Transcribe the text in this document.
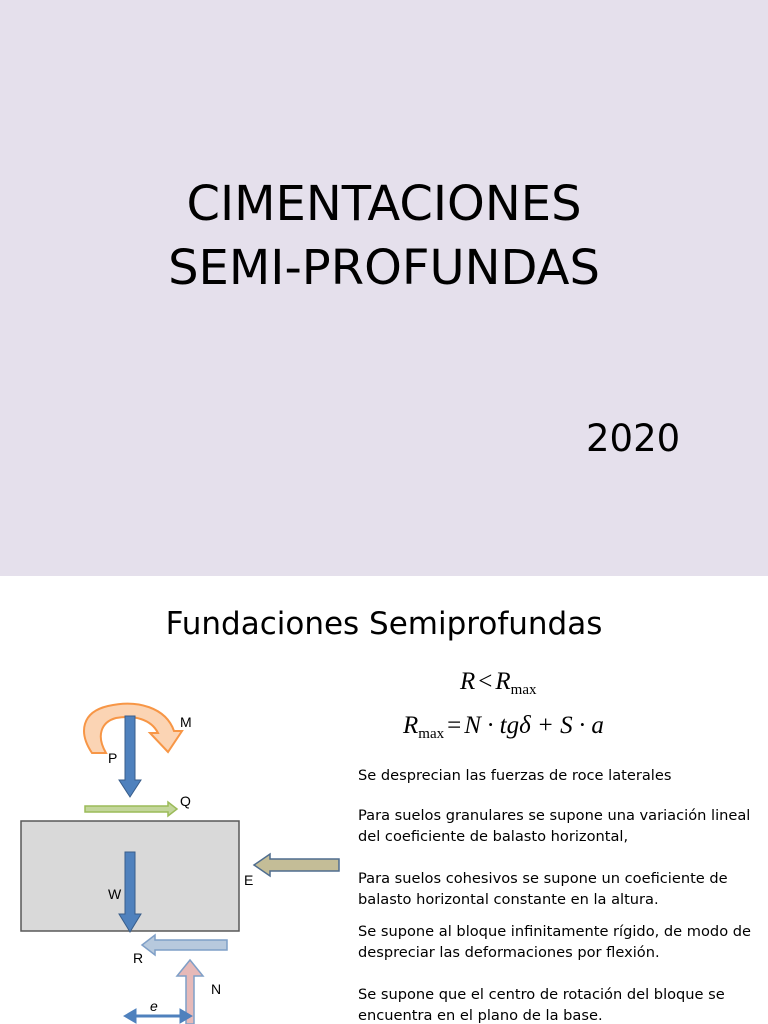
CIMENTACIONES
SEMI-PROFUNDAS
2020
Fundaciones Semiprofundas
$R < R_{max}$
$R_{max} = N \cdot tg\delta + S \cdot a$

Se desprecian las fuerzas de roce laterales

Para suelos granulares se supone una variación lineal del coeficiente de balasto horizontal,

Para suelos cohesivos se supone un coeficiente de balasto horizontal constante en la altura.

Se supone al bloque infinitamente rígido, de modo de despreciar las deformaciones por flexión.

Se supone que el centro de rotación del bloque se encuentra en el plano de la base.

M
P
Q
W
E
R
N
e
